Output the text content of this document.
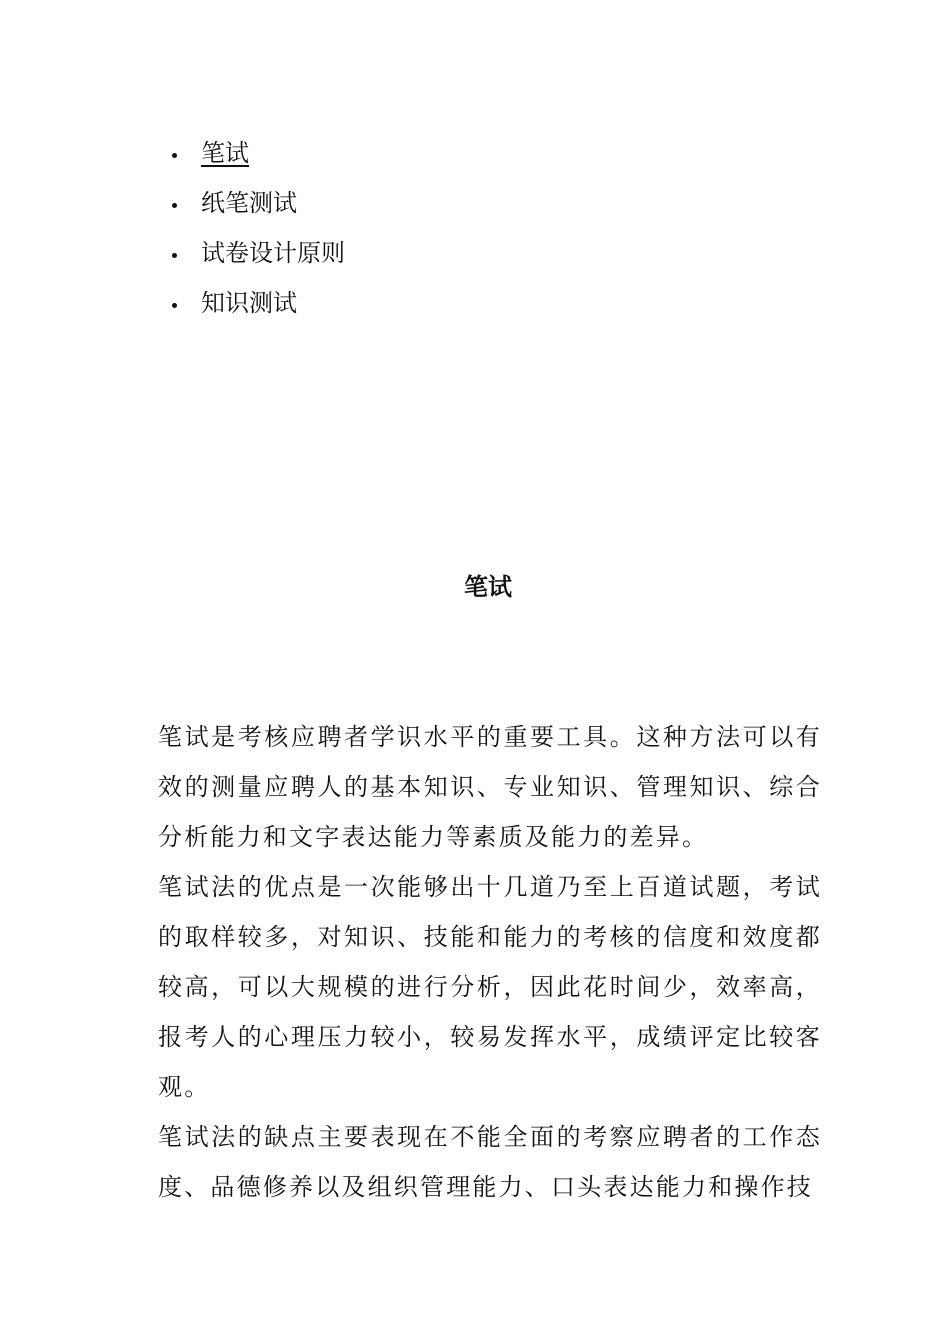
笔试
纸笔测试
试卷设计原则
知识测试
笔试

笔试是考核应聘者学识水平的重要工具。这种方法可以有效的测量应聘人的基本知识、专业知识、管理知识、综合分析能力和文字表达能力等素质及能力的差异。

笔试法的优点是一次能够出十几道乃至上百道试题，考试的取样较多，对知识、技能和能力的考核的信度和效度都较高，可以大规模的进行分析，因此花时间少，效率高，报考人的心理压力较小，较易发挥水平，成绩评定比较客观。

笔试法的缺点主要表现在不能全面的考察应聘者的工作态度、品德修养以及组织管理能力、口头表达能力和操作技
